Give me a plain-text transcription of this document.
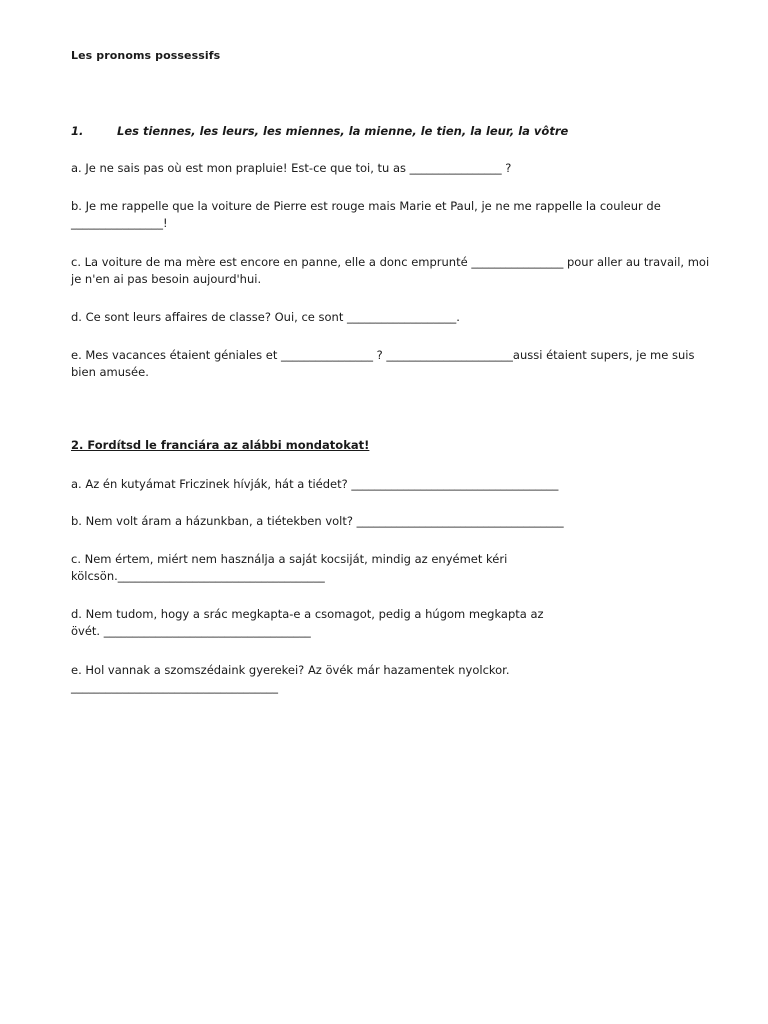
Les pronoms possessifs
1.	Les tiennes, les leurs, les miennes, la mienne, le tien, la leur, la vôtre
a. Je ne sais pas où est mon prapluie! Est-ce que toi, tu as ________________ ?
b. Je me rappelle que la voiture de Pierre est rouge mais Marie et Paul, je ne me rappelle la couleur de ________________!
c. La voiture de ma mère est encore en panne, elle a donc emprunté ________________ pour aller au travail, moi je n'en ai pas besoin aujourd'hui.
d. Ce sont leurs affaires de classe? Oui, ce sont ___________________.
e. Mes vacances étaient géniales et ________________ ? ______________________aussi étaient supers, je me suis bien amusée.
2. Fordítsd le franciára az alábbi mondatokat!
a. Az én kutyámat Friczinek hívják, hát a tiédet? ____________________________________
b. Nem volt áram a házunkban, a tiétekben volt? ____________________________________
c. Nem értem, miért nem használja a saját kocsiját, mindig az enyémet kéri kölcsön.____________________________________
d. Nem tudom, hogy a srác megkapta-e a csomagot, pedig a húgom megkapta az övét. ____________________________________
e. Hol vannak a szomszédaink gyerekei? Az övék már hazamentek nyolckor. ____________________________________
